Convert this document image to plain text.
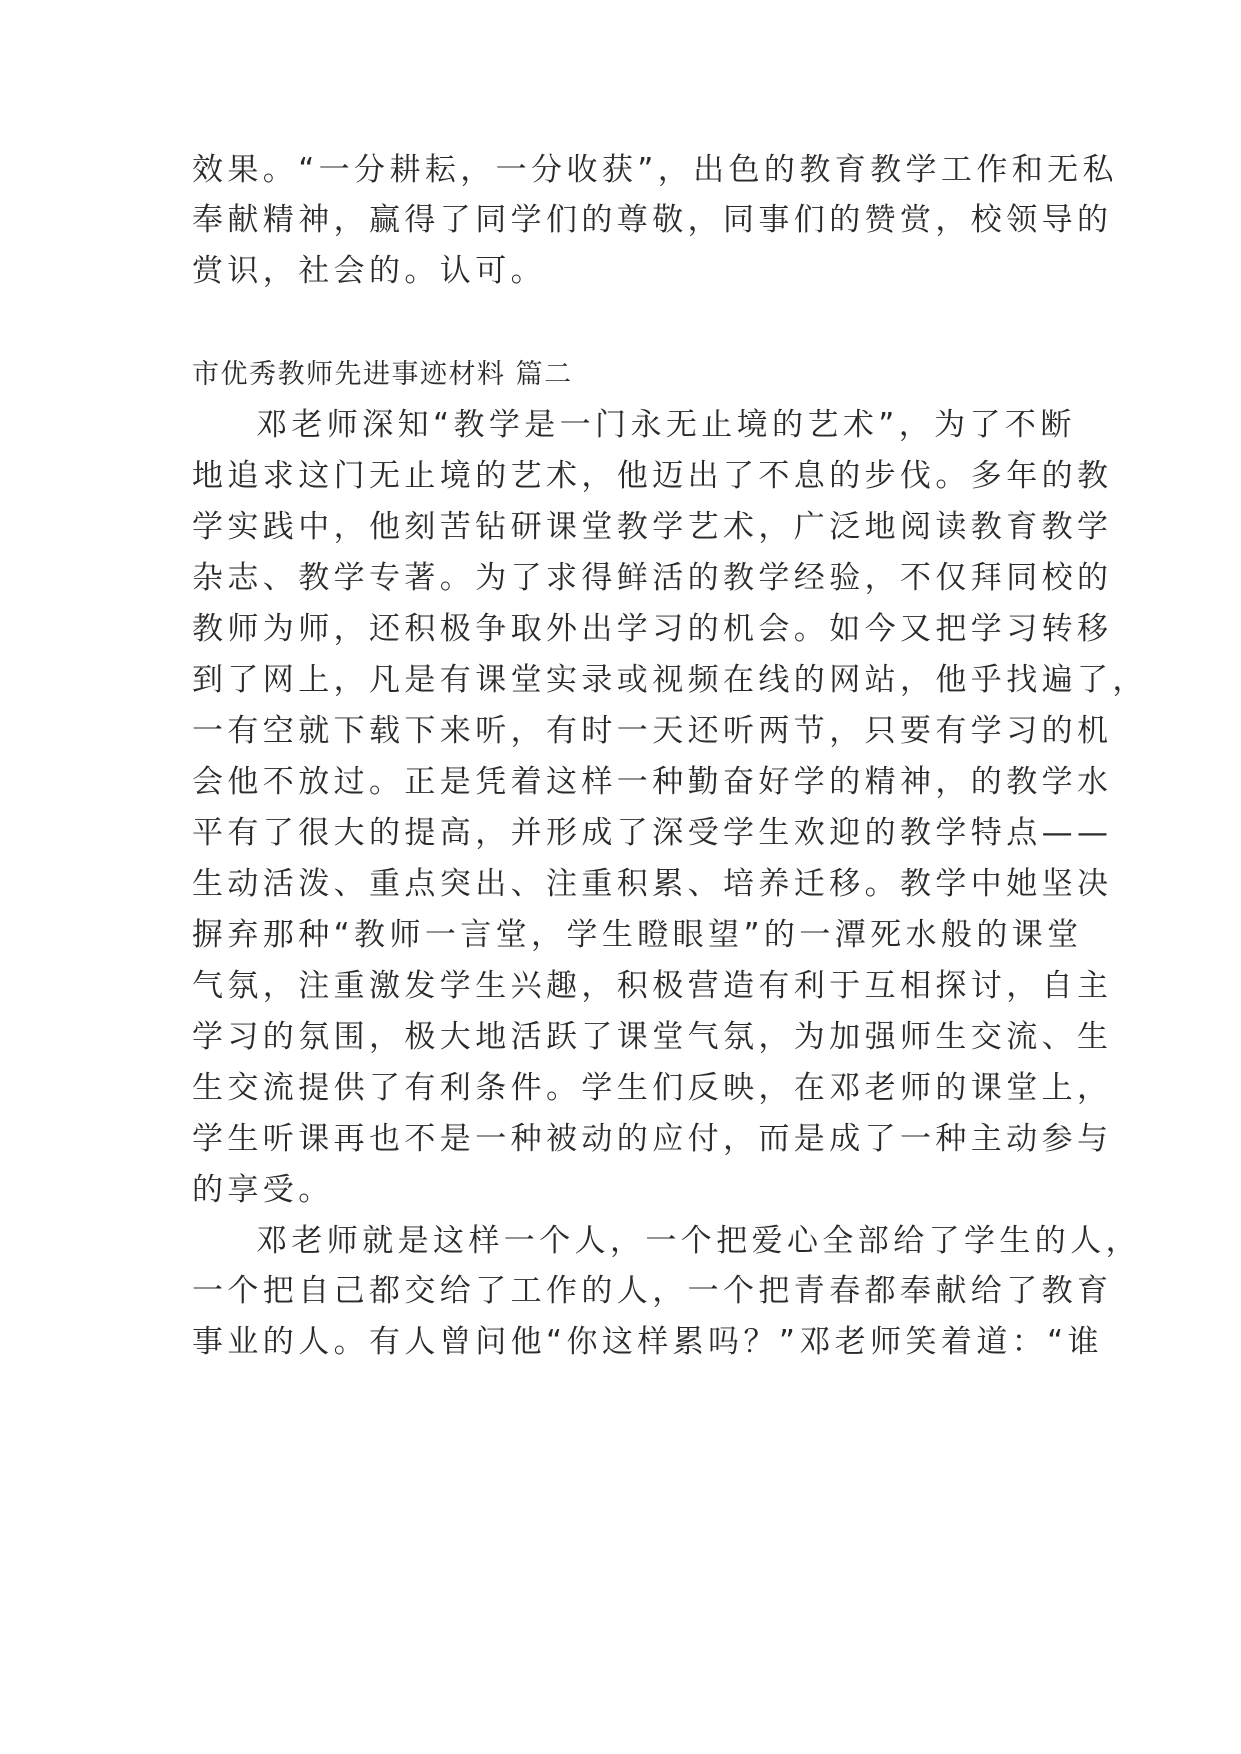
效果。“一分耕耘，一分收获”，出色的教育教学工作和无私
奉献精神，赢得了同学们的尊敬，同事们的赞赏，校领导的
赏识，社会的。认可。
市优秀教师先进事迹材料 篇二
邓老师深知“教学是一门永无止境的艺术”，为了不断
地追求这门无止境的艺术，他迈出了不息的步伐。多年的教
学实践中，他刻苦钻研课堂教学艺术，广泛地阅读教育教学
杂志、教学专著。为了求得鲜活的教学经验，不仅拜同校的
教师为师，还积极争取外出学习的机会。如今又把学习转移
到了网上，凡是有课堂实录或视频在线的网站，他乎找遍了，
一有空就下载下来听，有时一天还听两节，只要有学习的机
会他不放过。正是凭着这样一种勤奋好学的精神，的教学水
平有了很大的提高，并形成了深受学生欢迎的教学特点——
生动活泼、重点突出、注重积累、培养迁移。教学中她坚决
摒弃那种“教师一言堂，学生瞪眼望”的一潭死水般的课堂
气氛，注重激发学生兴趣，积极营造有利于互相探讨，自主
学习的氛围，极大地活跃了课堂气氛，为加强师生交流、生
生交流提供了有利条件。学生们反映，在邓老师的课堂上，
学生听课再也不是一种被动的应付，而是成了一种主动参与
的享受。
邓老师就是这样一个人，一个把爱心全部给了学生的人，
一个把自己都交给了工作的人，一个把青春都奉献给了教育
事业的人。有人曾问他“你这样累吗？”邓老师笑着道：“谁
